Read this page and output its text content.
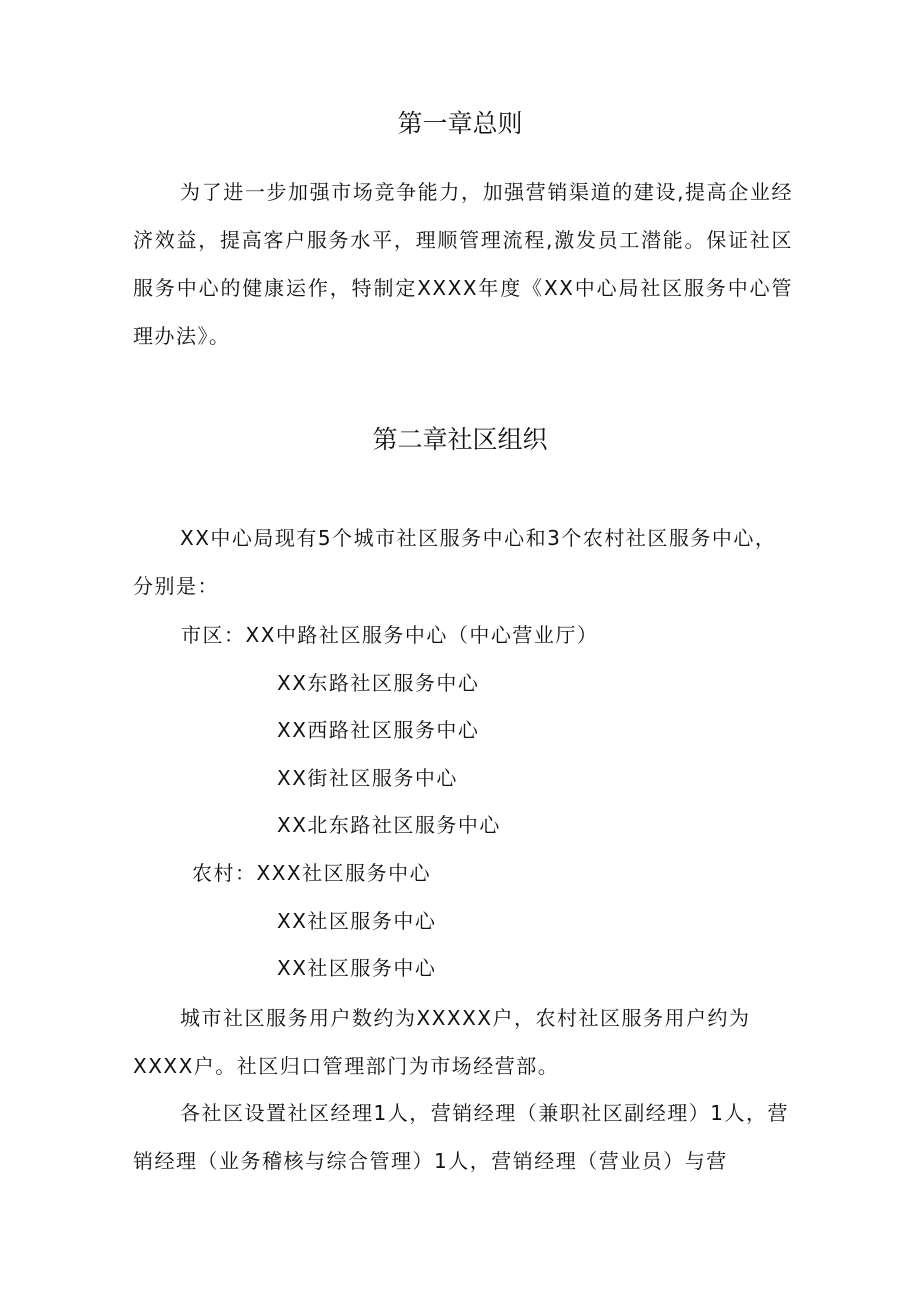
第一章总则

为了进一步加强市场竞争能力，加强营销渠道的建设,提高企业经济效益，提高客户服务水平，理顺管理流程,激发员工潜能。保证社区服务中心的健康运作，特制定XXXX年度《XX中心局社区服务中心管理办法》。

第二章社区组织

XX中心局现有5个城市社区服务中心和3个农村社区服务中心，分别是：

市区：XX中路社区服务中心（中心营业厅）
XX东路社区服务中心
XX西路社区服务中心
XX街社区服务中心
XX北东路社区服务中心
农村：XXX社区服务中心
XX社区服务中心
XX社区服务中心

城市社区服务用户数约为XXXXX户，农村社区服务用户约为XXXX户。社区归口管理部门为市场经营部。

各社区设置社区经理1人，营销经理（兼职社区副经理）1人，营销经理（业务稽核与综合管理）1人，营销经理（营业员）与营
